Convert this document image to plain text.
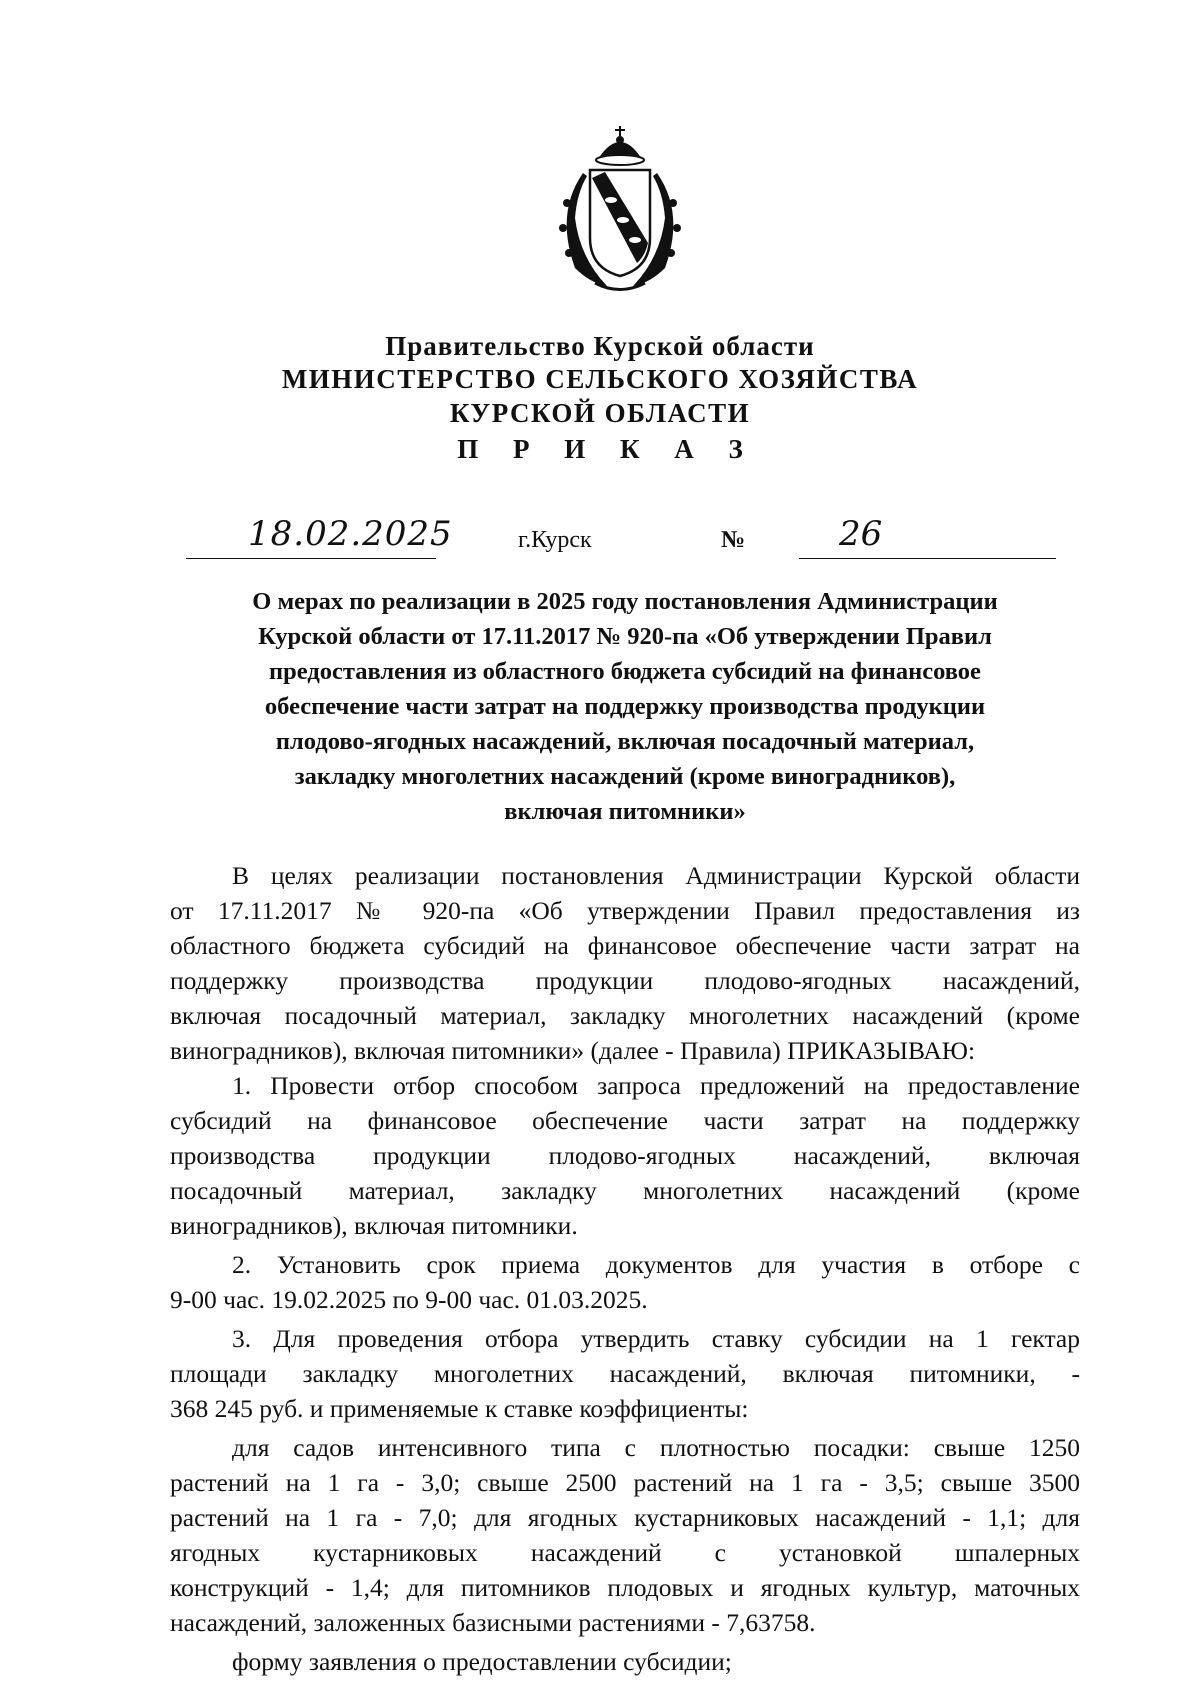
Правительство Курской области
МИНИСТЕРСТВО СЕЛЬСКОГО ХОЗЯЙСТВА
КУРСКОЙ ОБЛАСТИ
П Р И К А З
18.02.2025	г.Курск	№	26
О мерах по реализации в 2025 году постановления Администрации
Курской области от 17.11.2017 № 920-па «Об утверждении Правил
предоставления из областного бюджета субсидий на финансовое
обеспечение части затрат на поддержку производства продукции
плодово-ягодных насаждений, включая посадочный материал,
закладку многолетних насаждений (кроме виноградников),
включая питомники»
В целях реализации постановления Администрации Курской области
от 17.11.2017 № 920-па «Об утверждении Правил предоставления из
областного бюджета субсидий на финансовое обеспечение части затрат на
поддержку производства продукции плодово-ягодных насаждений,
включая посадочный материал, закладку многолетних насаждений (кроме
виноградников), включая питомники» (далее - Правила) ПРИКАЗЫВАЮ:
1. Провести отбор способом запроса предложений на предоставление
субсидий на финансовое обеспечение части затрат на поддержку
производства продукции плодово-ягодных насаждений, включая
посадочный материал, закладку многолетних насаждений (кроме
виноградников), включая питомники.
2. Установить срок приема документов для участия в отборе с
9-00 час. 19.02.2025 по 9-00 час. 01.03.2025.
3. Для проведения отбора утвердить ставку субсидии на 1 гектар
площади закладку многолетних насаждений, включая питомники, -
368 245 руб. и применяемые к ставке коэффициенты:
для садов интенсивного типа с плотностью посадки: свыше 1250
растений на 1 га - 3,0; свыше 2500 растений на 1 га - 3,5; свыше 3500
растений на 1 га - 7,0; для ягодных кустарниковых насаждений - 1,1; для
ягодных кустарниковых насаждений с установкой шпалерных
конструкций - 1,4; для питомников плодовых и ягодных культур, маточных
насаждений, заложенных базисными растениями - 7,63758.
форму заявления о предоставлении субсидии;
